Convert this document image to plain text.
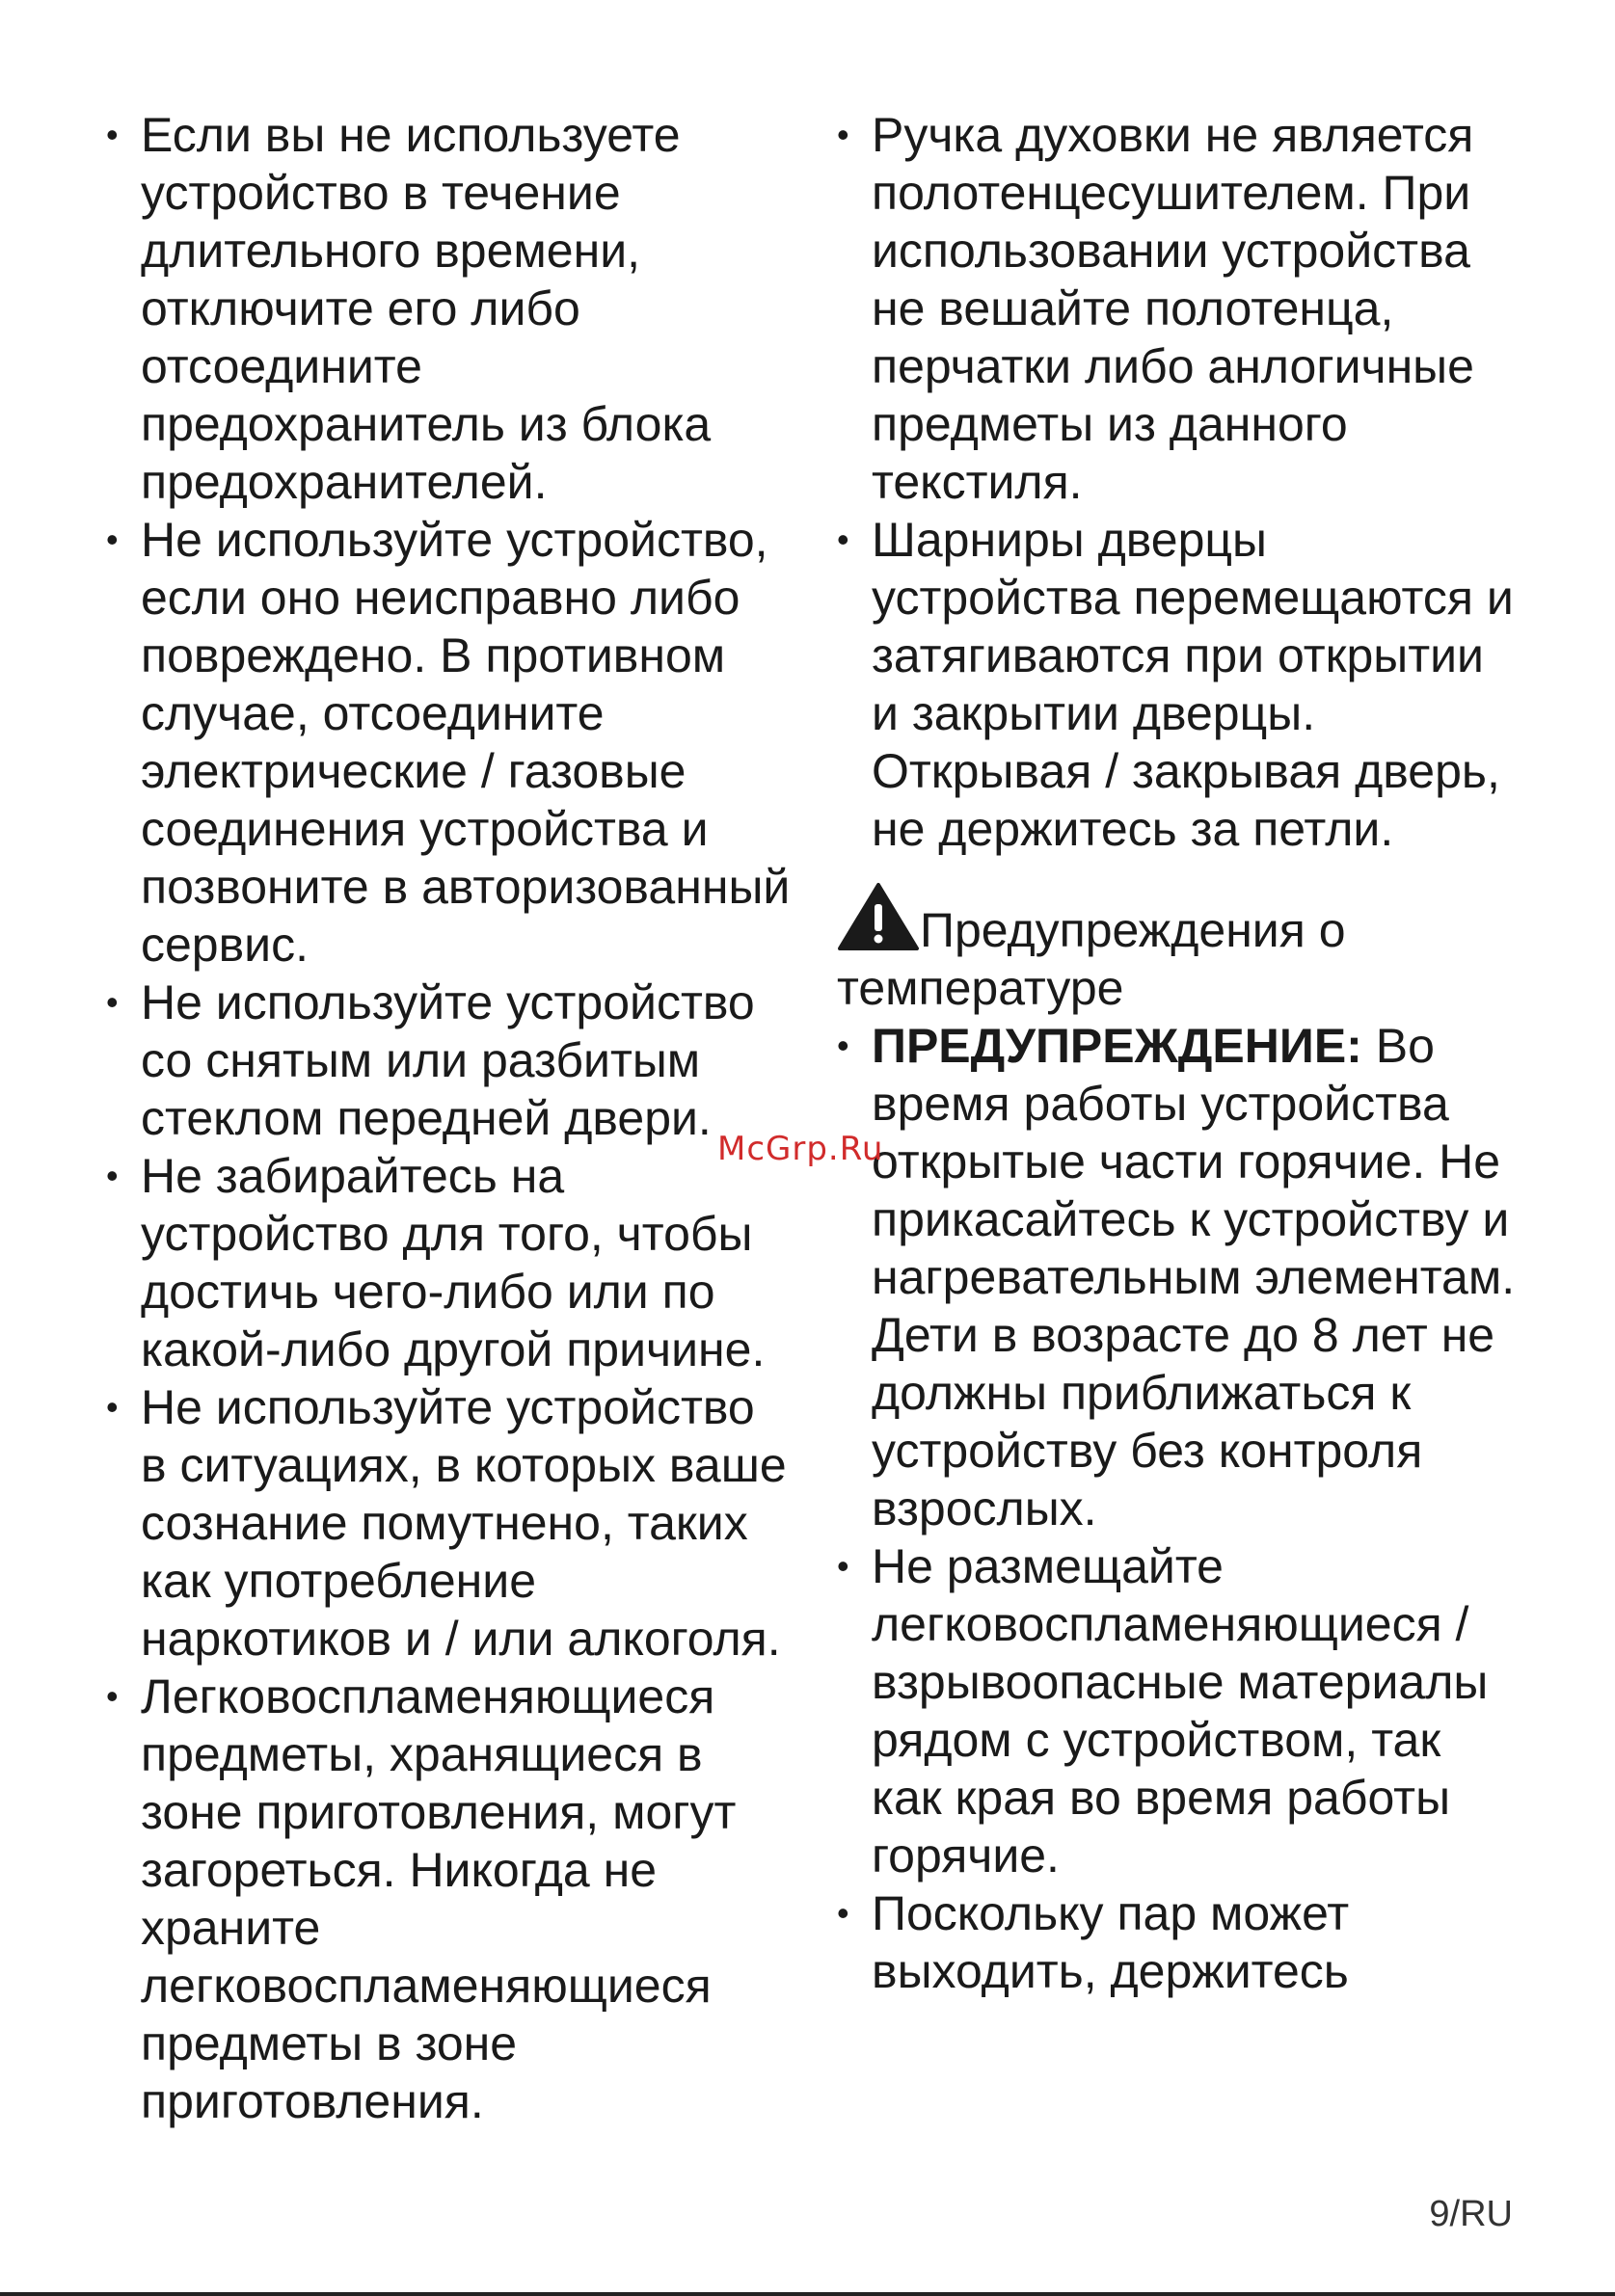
• Если вы не используете устройство в течение длительного времени, отключите его либо отсоедините предохранитель из блока предохранителей.
• Не используйте устройство, если оно неисправно либо повреждено. В противном случае, отсоедините электрические / газовые соединения устройства и позвоните в авторизованный сервис.
• Не используйте устройство со снятым или разбитым стеклом передней двери.
• Не забирайтесь на устройство для того, чтобы достичь чего-либо или по какой-либо другой причине.
• Не используйте устройство в ситуациях, в которых ваше сознание помутнено, таких как употребление наркотиков и / или алкоголя.
• Легковоспламеняющиеся предметы, хранящиеся в зоне приготовления, могут загореться. Никогда не храните легковоспламеняющиеся предметы в зоне приготовления.
• Ручка духовки не является полотенцесушителем. При использовании устройства не вешайте полотенца, перчатки либо анлогичные предметы из данного текстиля.
• Шарниры дверцы устройства перемещаются и затягиваются при открытии и закрытии дверцы. Открывая / закрывая дверь, не держитесь за петли.
Предупреждения о температуре
• ПРЕДУПРЕЖДЕНИЕ: Во время работы устройства открытые части горячие. Не прикасайтесь к устройству и нагревательным элементам. Дети в возрасте до 8 лет не должны приближаться к устройству без контроля взрослых.
• Не размещайте легковоспламеняющиеся / взрывоопасные материалы рядом с устройством, так как края во время работы горячие.
• Поскольку пар может выходить, держитесь
McGrp.Ru
9/RU
